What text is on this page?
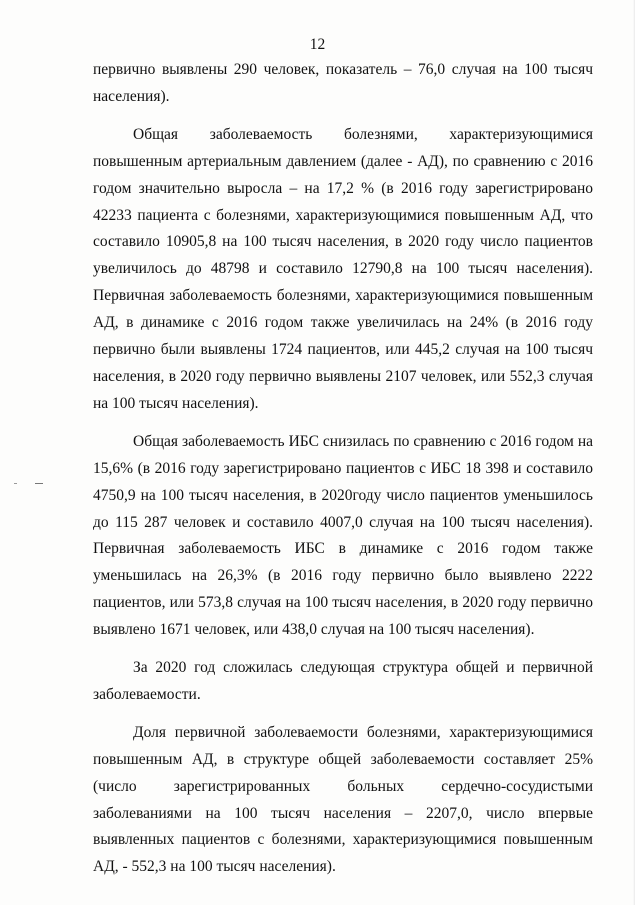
12

первично выявлены 290 человек, показатель – 76,0 случая на 100 тысяч населения).

Общая заболеваемость болезнями, характеризующимися повышенным артериальным давлением (далее - АД), по сравнению с 2016 годом значительно выросла – на 17,2 % (в 2016 году зарегистрировано 42233 пациента с болезнями, характеризующимися повышенным АД, что составило 10905,8 на 100 тысяч населения, в 2020 году число пациентов увеличилось до 48798 и составило 12790,8 на 100 тысяч населения). Первичная заболеваемость болезнями, характеризующимися повышенным АД, в динамике с 2016 годом также увеличилась на 24% (в 2016 году первично были выявлены 1724 пациентов, или 445,2 случая на 100 тысяч населения, в 2020 году первично выявлены 2107 человек, или 552,3 случая на 100 тысяч населения).

Общая заболеваемость ИБС снизилась по сравнению с 2016 годом на 15,6% (в 2016 году зарегистрировано пациентов с ИБС 18 398 и составило 4750,9 на 100 тысяч населения, в 2020году число пациентов уменьшилось до 115 287 человек и составило 4007,0 случая на 100 тысяч населения). Первичная заболеваемость ИБС в динамике с 2016 годом также уменьшилась на 26,3% (в 2016 году первично было выявлено 2222 пациентов, или 573,8 случая на 100 тысяч населения, в 2020 году первично выявлено 1671 человек, или 438,0 случая на 100 тысяч населения).

За 2020 год сложилась следующая структура общей и первичной заболеваемости.

Доля первичной заболеваемости болезнями, характеризующимися повышенным АД, в структуре общей заболеваемости составляет 25% (число зарегистрированных больных сердечно-сосудистыми заболеваниями на 100 тысяч населения – 2207,0, число впервые выявленных пациентов с болезнями, характеризующимися повышенным АД, - 552,3 на 100 тысяч населения).
